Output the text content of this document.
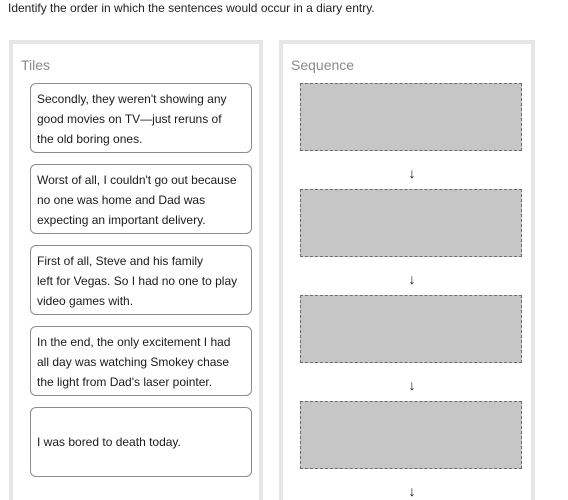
Identify the order in which the sentences would occur in a diary entry.
Tiles
Secondly, they weren't showing any
good movies on TV—just reruns of
the old boring ones.
Worst of all, I couldn't go out because
no one was home and Dad was
expecting an important delivery.
First of all, Steve and his family
left for Vegas. So I had no one to play
video games with.
In the end, the only excitement I had
all day was watching Smokey chase
the light from Dad's laser pointer.
I was bored to death today.
Sequence
↓
↓
↓
↓
